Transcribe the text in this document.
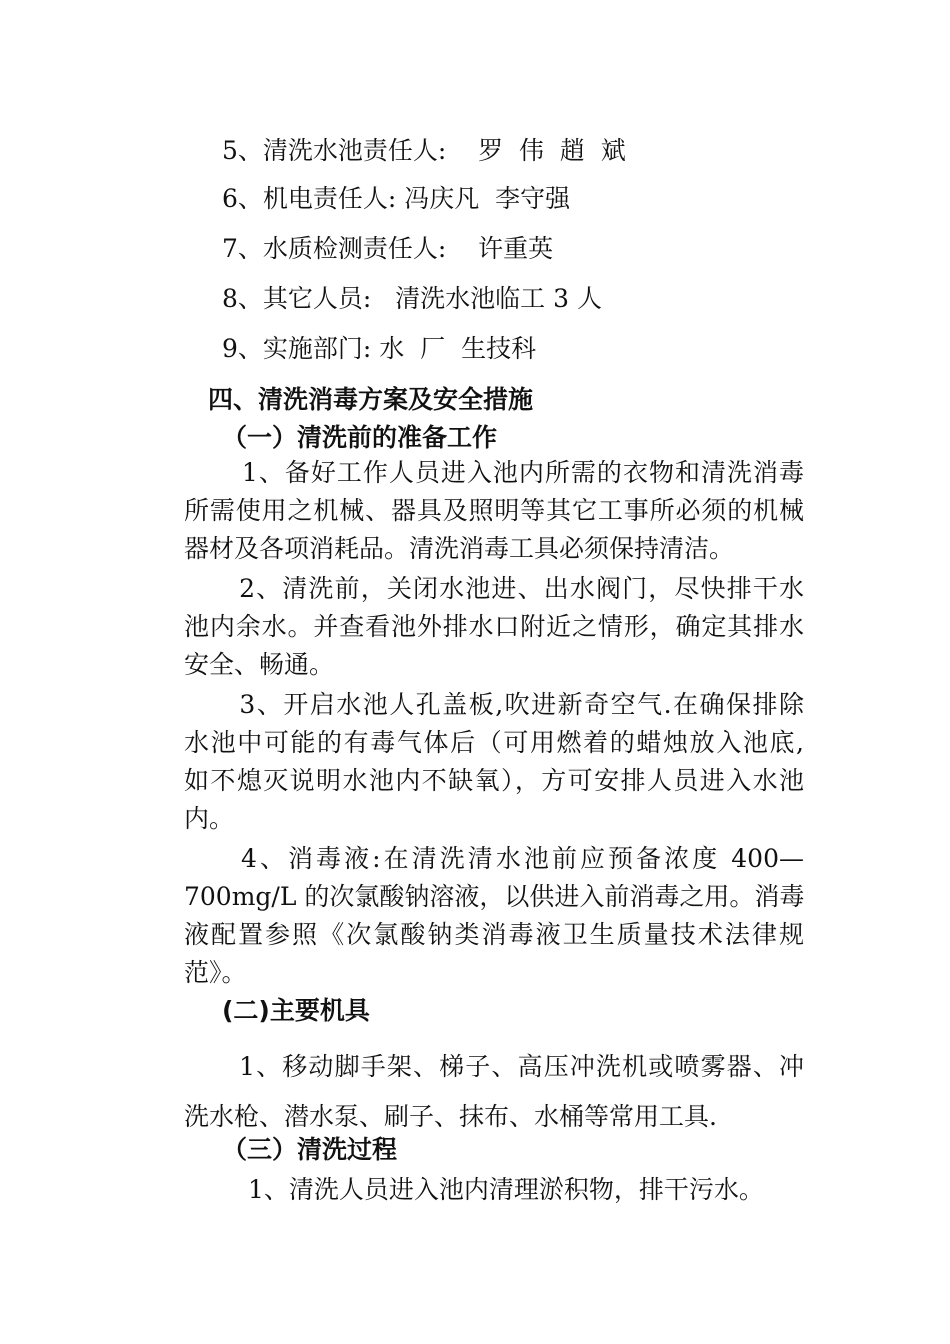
5、清洗水池责任人:    罗  伟  趙  斌

6、机电责任人: 冯庆凡  李守强

7、水质检测责任人:    许重英

8、其它人员:   清洗水池临工 3 人

9、实施部门: 水  厂  生技科

四、清洗消毒方案及安全措施

（一）清洗前的准备工作

1、备好工作人员进入池内所需的衣物和清洗消毒
所需使用之机械、器具及照明等其它工事所必须的机械
器材及各项消耗品。清洗消毒工具必须保持清洁。
2、清洗前，关闭水池进、出水阀门，尽快排干水
池内余水。并查看池外排水口附近之情形，确定其排水
安全、畅通。
3、开启水池人孔盖板,吹进新奇空气.在确保排除
水池中可能的有毒气体后（可用燃着的蜡烛放入池底,
如不熄灭说明水池内不缺氧），方可安排人员进入水池
内。
4、消毒液:在清洗清水池前应预备浓度 400—
700mg/L 的次氯酸钠溶液，以供进入前消毒之用。消毒
液配置参照《次氯酸钠类消毒液卫生质量技术法律规
范》。

(二)主要机具

1、移动脚手架、梯子、高压冲洗机或喷雾器、冲
洗水枪、潜水泵、刷子、抹布、水桶等常用工具.

（三）清洗过程

1、清洗人员进入池内清理淤积物，排干污水。
